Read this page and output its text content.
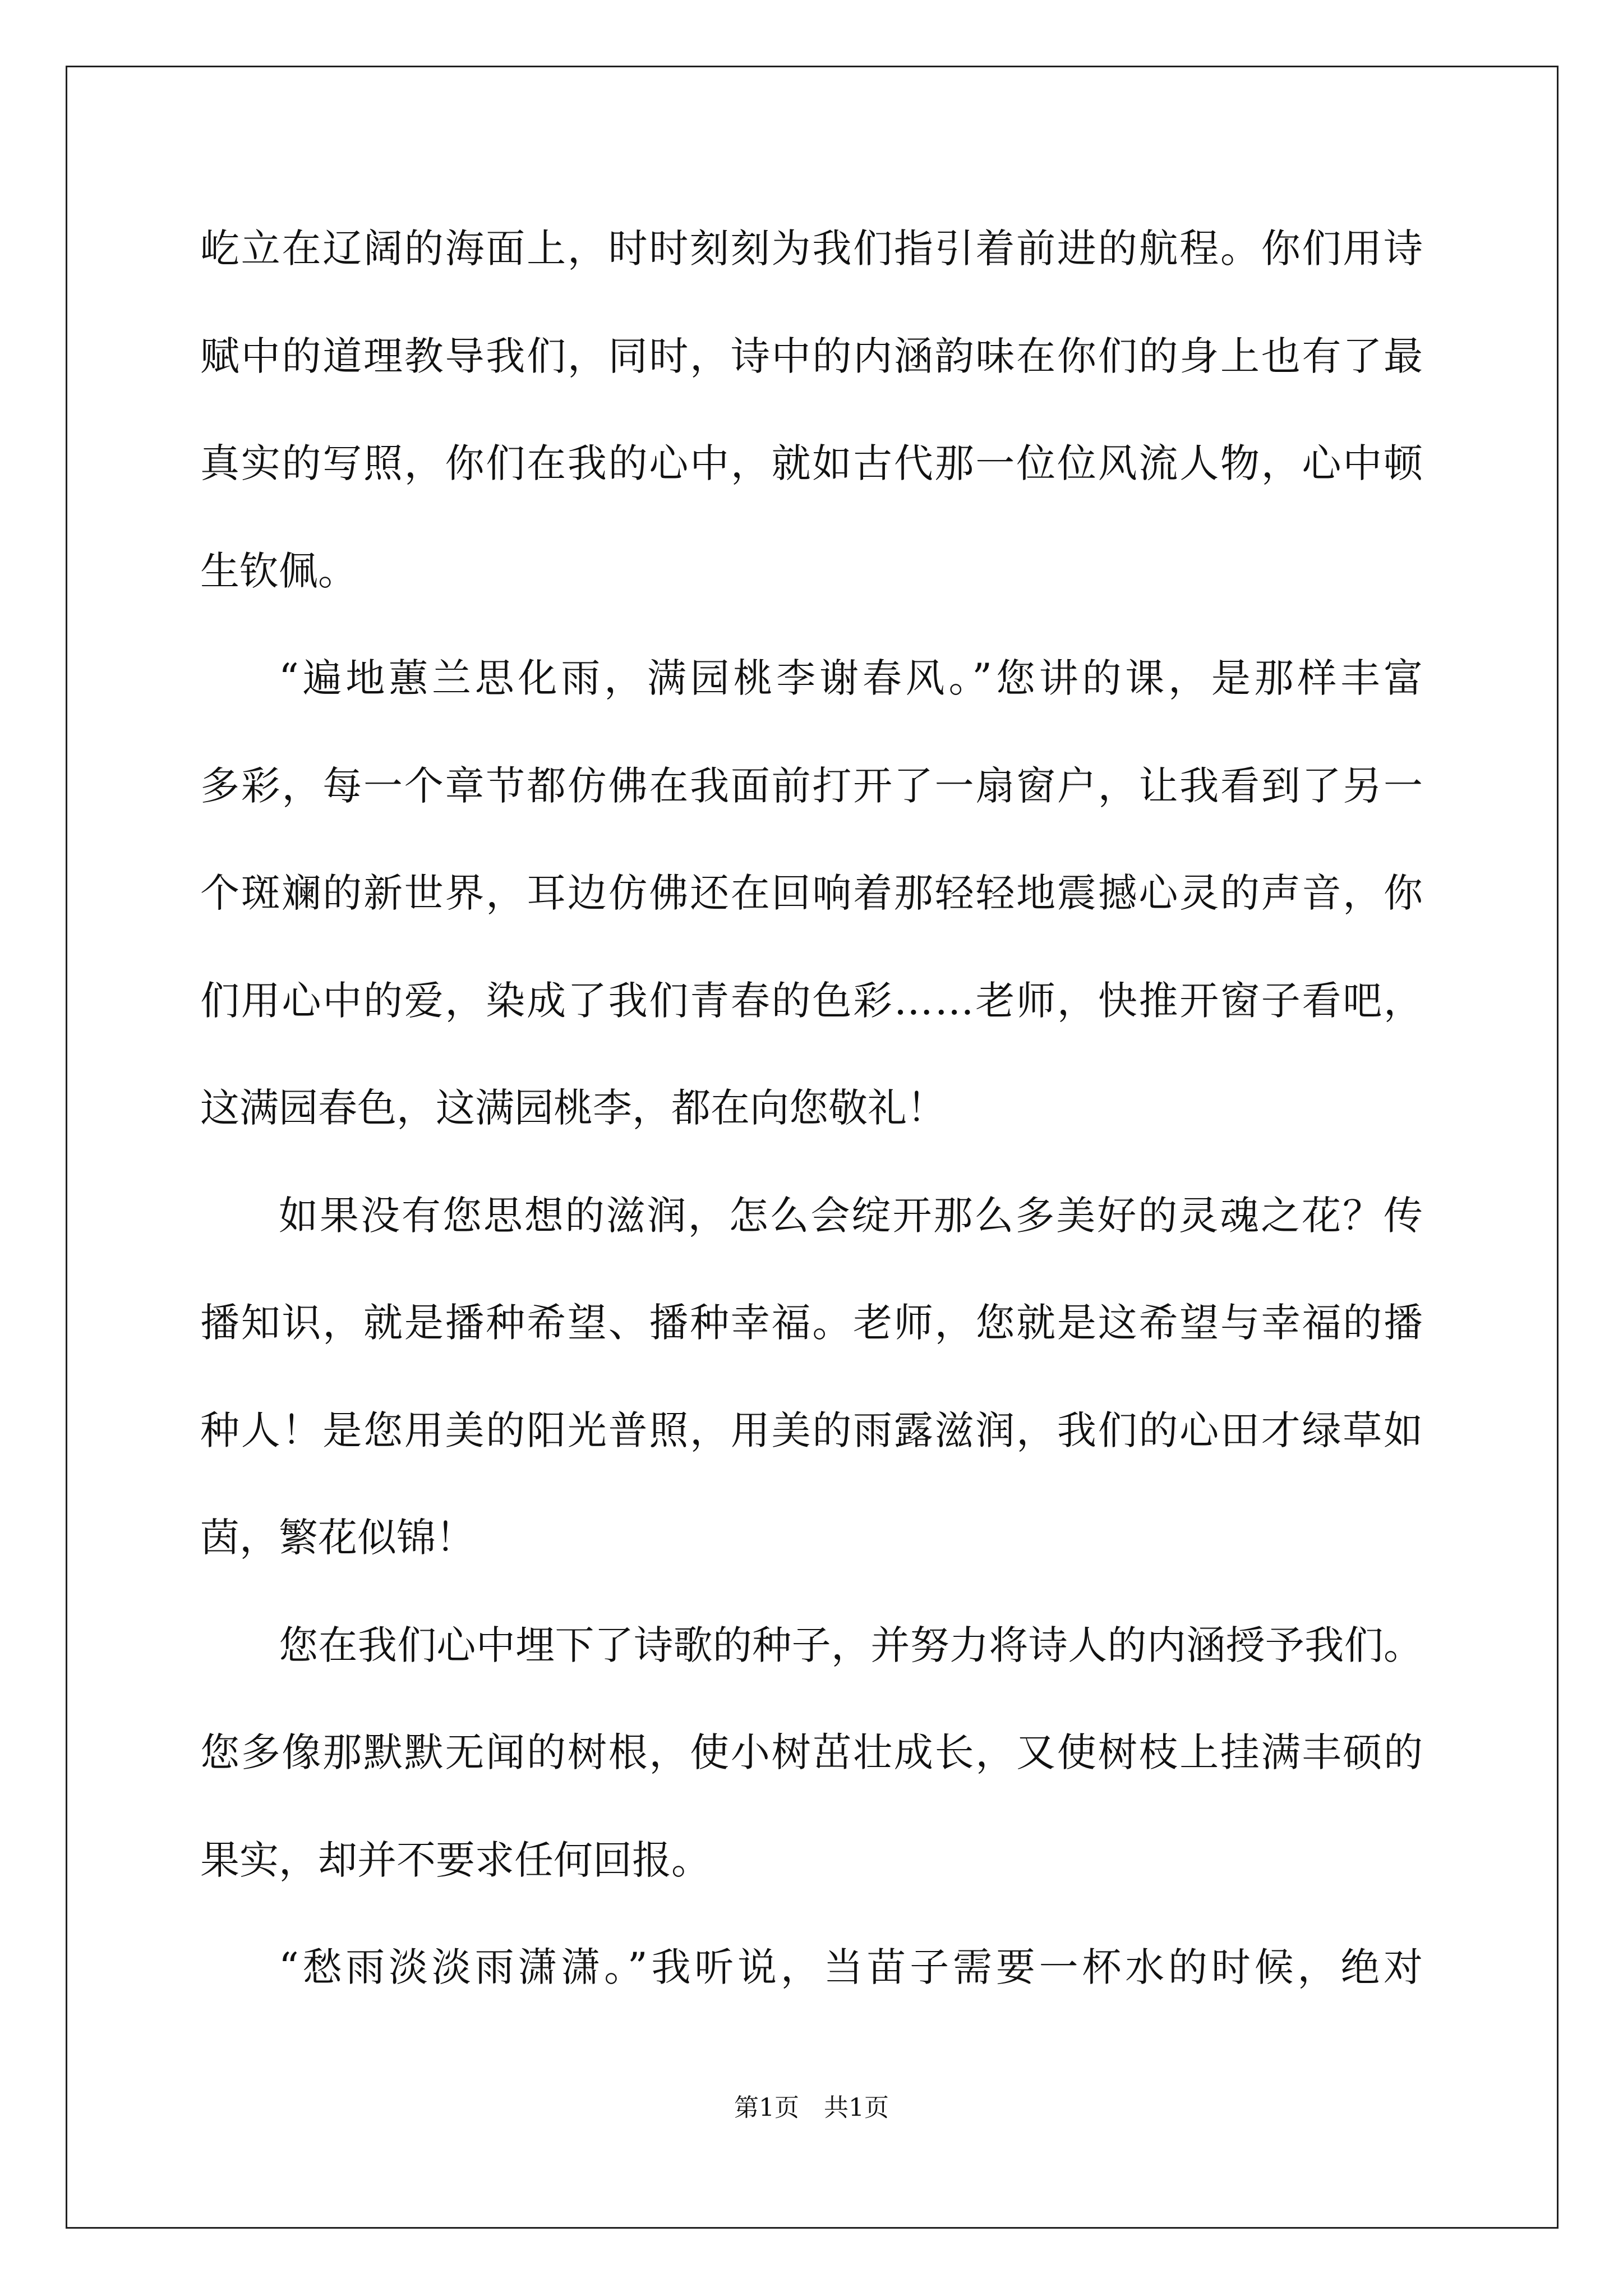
屹立在辽阔的海面上，时时刻刻为我们指引着前进的航程。你们用诗
赋中的道理教导我们，同时，诗中的内涵韵味在你们的身上也有了最
真实的写照，你们在我的心中，就如古代那一位位风流人物，心中顿
生钦佩。
“遍地蕙兰思化雨，满园桃李谢春风。”您讲的课，是那样丰富
多彩，每一个章节都仿佛在我面前打开了一扇窗户，让我看到了另一
个斑斓的新世界，耳边仿佛还在回响着那轻轻地震撼心灵的声音，你
们用心中的爱，染成了我们青春的色彩……老师，快推开窗子看吧，
这满园春色，这满园桃李，都在向您敬礼！
如果没有您思想的滋润，怎么会绽开那么多美好的灵魂之花？传
播知识，就是播种希望、播种幸福。老师，您就是这希望与幸福的播
种人！是您用美的阳光普照，用美的雨露滋润，我们的心田才绿草如
茵，繁花似锦！
您在我们心中埋下了诗歌的种子，并努力将诗人的内涵授予我们。
您多像那默默无闻的树根，使小树茁壮成长，又使树枝上挂满丰硕的
果实，却并不要求任何回报。
“愁雨淡淡雨潇潇。”我听说，当苗子需要一杯水的时候，绝对
第1页　共1页
